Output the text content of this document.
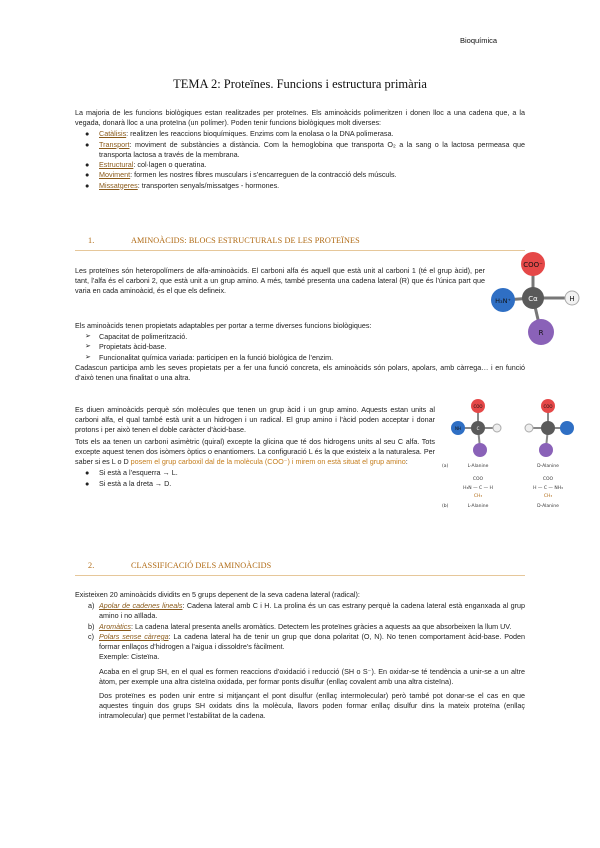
Bioquímica
TEMA 2: Proteïnes. Funcions i estructura primària

La majoria de les funcions biològiques estan realitzades per proteïnes. Els aminoàcids polimeritzen i donen lloc a una cadena que, a la vegada, donarà lloc a una proteïna (un polímer). Poden tenir funcions biològiques molt diverses:

● Catàlisis: realitzen les reaccions bioquímiques. Enzims com la enolasa o la DNA polimerasa.
● Transport: moviment de substàncies a distància. Com la hemoglobina que transporta O₂ a la sang o la lactosa permeasa que transporta lactosa a través de la membrana.
● Estructural: col·lagen o queratina.
● Moviment: formen les nostres fibres musculars i s’encarreguen de la contracció dels músculs.
● Missatgeres: transporten senyals/missatges - hormones.
1.	AMINOÀCIDS: BLOCS ESTRUCTURALS DE LES PROTEÏNES

Les proteïnes són heteropolímers de alfa-aminoàcids. El carboni alfa és aquell que està unit al carboni 1 (té el grup àcid), per tant, l’alfa és el carboni 2, que està unit a un grup amino. A més, també presenta una cadena lateral (R) que és l’única part que varia en cada aminoàcid, és el que els defineix.

COO⁻
H₃N⁺ Cα	H
R

Els aminoàcids tenen propietats adaptables per portar a terme diverses funcions biològiques:

➢ Capacitat de polimerització.
➢ Propietats àcid-base.
➢ Funcionalitat química variada: participen en la funció biològica de l’enzim.

Cadascun participa amb les seves propietats per a fer una funció concreta, els aminoàcids són polars, apolars, amb càrrega… i en funció d’això tenen una finalitat o una altra.

Es diuen aminoàcids perquè són molècules que tenen un grup àcid i un grup amino. Aquests estan units al carboni alfa, el qual també està unit a un hidrogen i un radical. El grup amino i l’àcid poden acceptar i donar protons i per això tenen el doble caràcter d’àcid-base.

Tots els aa tenen un carboni asimètric (quiral) excepte la glicina que té dos hidrogens units al seu C alfa. Tots excepte aquest tenen dos isòmers òptics o enantiomers. La configuració L és la que existeix a la naturalesa. Per saber si es L o D posem el grup carboxil dal de la molècula (COO⁻) i mirem on està situat el grup amino:

● Si està a l’esquerra → L.
● Si està a la dreta → D.
COO
NH	C
L-Alanine
COO
D-Alanine
(a)
COO
H₃N — C — H
CH₃
L-Alanine
COO
H — C — NH₃
CH₃
D-Alanine
(b)
2.	CLASSIFICACIÓ DELS AMINOÀCIDS

Existeixen 20 aminoàcids dividits en 5 grups depenent de la seva cadena lateral (radical):

a) Apolar de cadenes lineals: Cadena lateral amb C i H. La prolina és un cas estrany perquè la cadena lateral està enganxada al grup amino i no aïllada.
b) Aromàtics: La cadena lateral presenta anells aromàtics. Detectem les proteïnes gràcies a aquests aa que absorbeixen la llum UV.
c) Polars sense càrrega: La cadena lateral ha de tenir un grup que dona polaritat (O, N). No tenen comportament àcid-base. Poden formar enllaços d’hidrogen a l’aigua i dissoldre’s fàcilment.

Exemple: Cisteïna.

Acaba en el grup SH, en el qual es formen reaccions d’oxidació i reducció (SH o S⁻). En oxidar-se té tendència a unir-se a un altre àtom, per exemple una altra cisteïna oxidada, per formar ponts disulfur (enllaç covalent amb una altra cisteïna).

Dos proteïnes es poden unir entre si mitjançant el pont disulfur (enllaç intermolecular) però també pot donar-se el cas en que aquestes tinguin dos grups SH oxidats dins la molècula, llavors poden formar enllaç disulfur dins la mateix proteïna (enllaç intramolecular) que permet l’estabilitat de la cadena.
